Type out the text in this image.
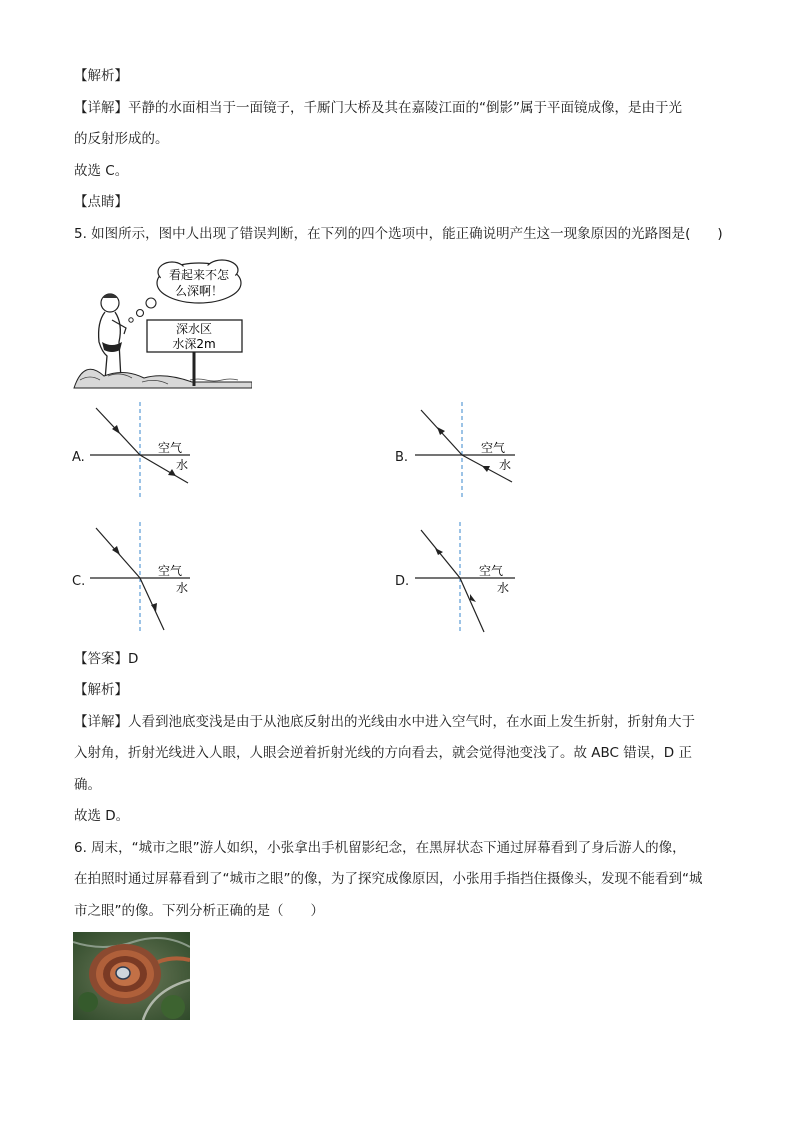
【解析】
【详解】平静的水面相当于一面镜子，千厮门大桥及其在嘉陵江面的“倒影”属于平面镜成像，是由于光
的反射形成的。
故选 C。
【点睛】
5. 如图所示，图中人出现了错误判断，在下列的四个选项中，能正确说明产生这一现象原因的光路图是(　　)
看起来不怎
么深啊！
深水区
水深2m
A.
空气
水	B.
空气
水
C.
空气
水	D.
空气
水
【答案】D
【解析】
【详解】人看到池底变浅是由于从池底反射出的光线由水中进入空气时，在水面上发生折射，折射角大于
入射角，折射光线进入人眼，人眼会逆着折射光线的方向看去，就会觉得池变浅了。故 ABC 错误，D 正
确。
故选 D。
6. 周末，“城市之眼”游人如织，小张拿出手机留影纪念，在黑屏状态下通过屏幕看到了身后游人的像，
在拍照时通过屏幕看到了“城市之眼”的像，为了探究成像原因，小张用手指挡住摄像头，发现不能看到“城
市之眼”的像。下列分析正确的是（　　）
